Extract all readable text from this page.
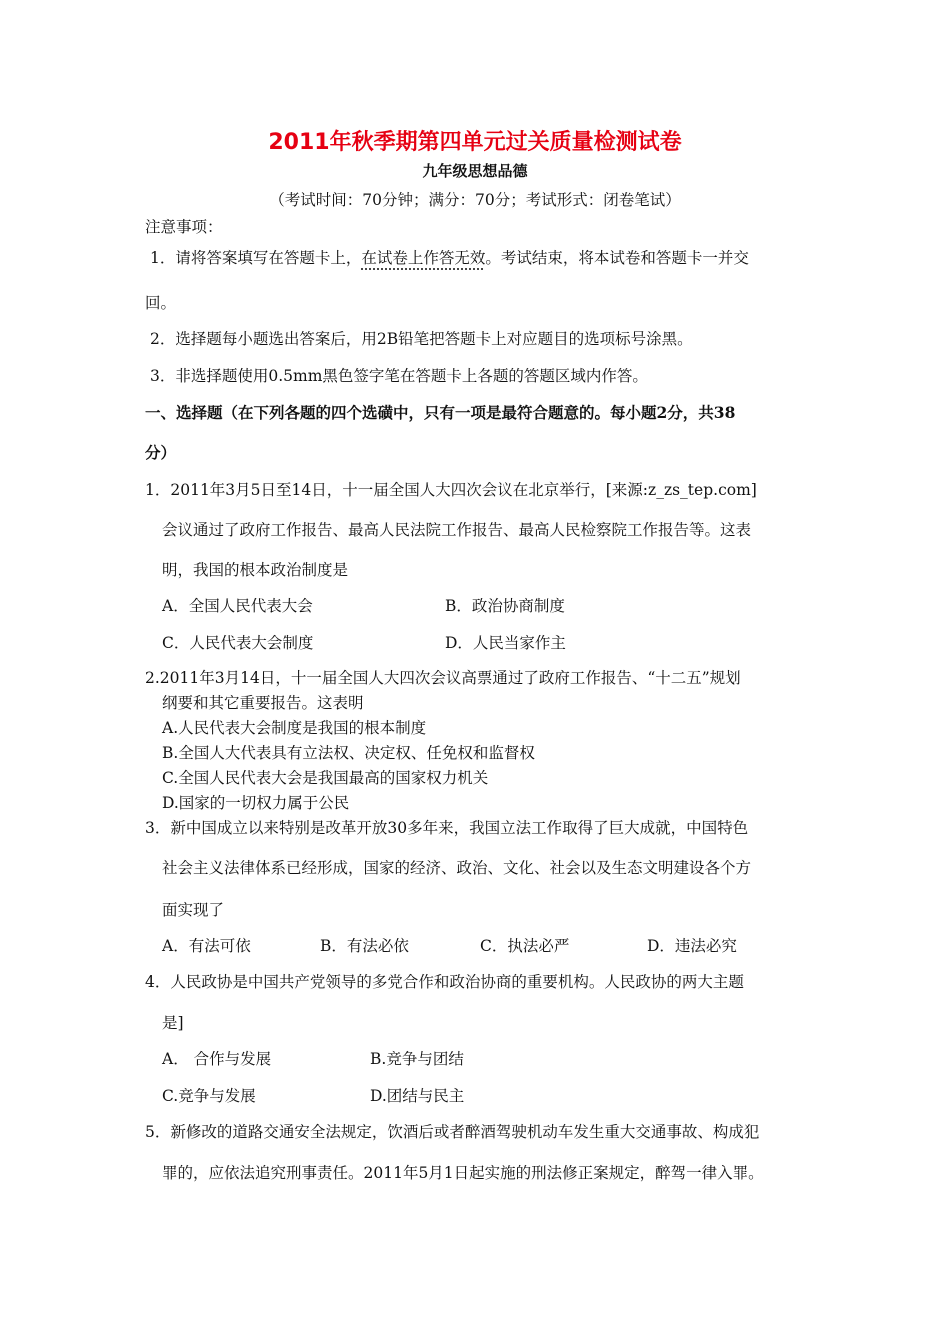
2011年秋季期第四单元过关质量检测试卷
九年级思想品德
（考试时间：70分钟；满分：70分；考试形式：闭卷笔试）
注意事项：
1．请将答案填写在答题卡上，在试卷上作答无效。考试结束，将本试卷和答题卡一并交
回。
2．选择题每小题选出答案后，用2B铅笔把答题卡上对应题目的选项标号涂黑。
3．非选择题使用0.5mm黑色签字笔在答题卡上各题的答题区域内作答。
一、选择题（在下列各题的四个选磺中，只有一项是最符合题意的。每小题2分，共38
分）
1．2011年3月5日至14日，十一届全国人大四次会议在北京举行，[来源:z_zs_tep.com]
会议通过了政府工作报告、最高人民法院工作报告、最高人民检察院工作报告等。这表
明，我国的根本政治制度是
A．全国人民代表大会	B．政治协商制度
C．人民代表大会制度	D．人民当家作主
2.2011年3月14日，十一届全国人大四次会议高票通过了政府工作报告、“十二五”规划
纲要和其它重要报告。这表明
A.人民代表大会制度是我国的根本制度
B.全国人大代表具有立法权、决定权、任免权和监督权
C.全国人民代表大会是我国最高的国家权力机关
D.国家的一切权力属于公民
3．新中国成立以来特别是改革开放30多年来，我国立法工作取得了巨大成就，中国特色
社会主义法律体系已经形成，国家的经济、政治、文化、社会以及生态文明建设各个方
面实现了
A．有法可依	B．有法必依	C．执法必严	D．违法必究
4．人民政协是中国共产党领导的多党合作和政治协商的重要机构。人民政协的两大主题
是]
A． 合作与发展	B.竞争与团结
C.竞争与发展	D.团结与民主
5．新修改的道路交通安全法规定，饮酒后或者醉酒驾驶机动车发生重大交通事故、构成犯
罪的，应依法追究刑事责任。2011年5月1日起实施的刑法修正案规定，醉驾一律入罪。
